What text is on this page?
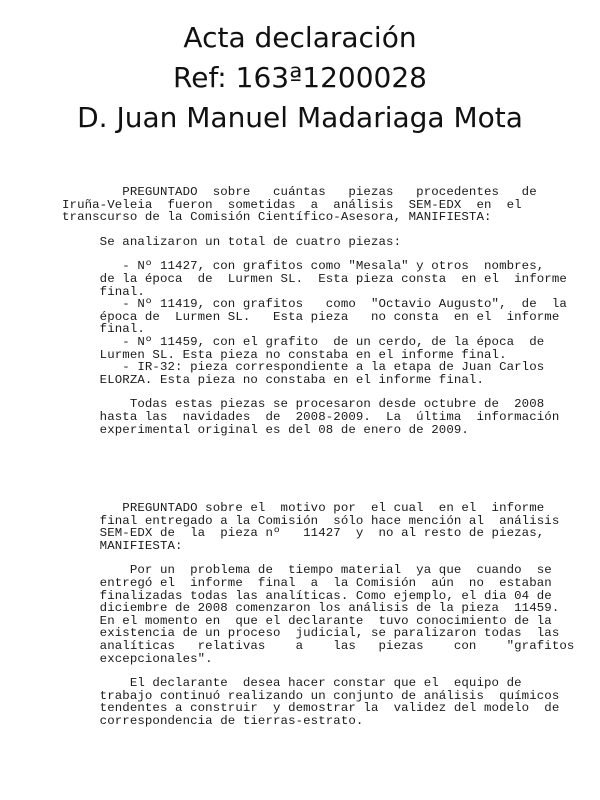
Acta declaración
Ref: 163ª1200028
D. Juan Manuel Madariaga Mota

PREGUNTADO  sobre   cuántas   piezas   procedentes   de

Iruña-Veleia  fueron  sometidas  a  análisis  SEM-EDX  en  el

transcurso de la Comisión Científico-Asesora, MANIFIESTA:

Se analizaron un total de cuatro piezas:

- Nº 11427, con grafitos como "Mesala" y otros  nombres,

de la época  de  Lurmen SL.  Esta pieza consta  en el  informe

final.

- Nº 11419, con grafitos   como  "Octavio Augusto",  de  la

época de  Lurmen SL.   Esta pieza   no consta  en el  informe

final.

- Nº 11459, con el grafito  de un cerdo, de la época  de

Lurmen SL. Esta pieza no constaba en el informe final.

- IR-32: pieza correspondiente a la etapa de Juan Carlos

ELORZA. Esta pieza no constaba en el informe final.

Todas estas piezas se procesaron desde octubre de  2008

hasta las  navidades  de  2008-2009.  La  última  información

experimental original es del 08 de enero de 2009.

PREGUNTADO sobre el  motivo por  el cual  en el  informe

final entregado a la Comisión  sólo hace mención al  análisis

SEM-EDX de  la  pieza nº   11427  y  no al resto de piezas,

MANIFIESTA:

Por un  problema de  tiempo material  ya que  cuando  se

entregó el  informe  final  a  la Comisión  aún  no  estaban

finalizadas todas las analíticas. Como ejemplo, el dia 04 de

diciembre de 2008 comenzaron los análisis de la pieza  11459.

En el momento en  que el declarante  tuvo conocimiento de la

existencia de un proceso  judicial, se paralizaron todas  las

analíticas   relativas    a    las   piezas    con    "grafitos

excepcionales".

El declarante  desea hacer constar que el  equipo de

trabajo continuó realizando un conjunto de análisis  químicos

tendentes a construir  y demostrar la  validez del modelo  de

correspondencia de tierras-estrato.
